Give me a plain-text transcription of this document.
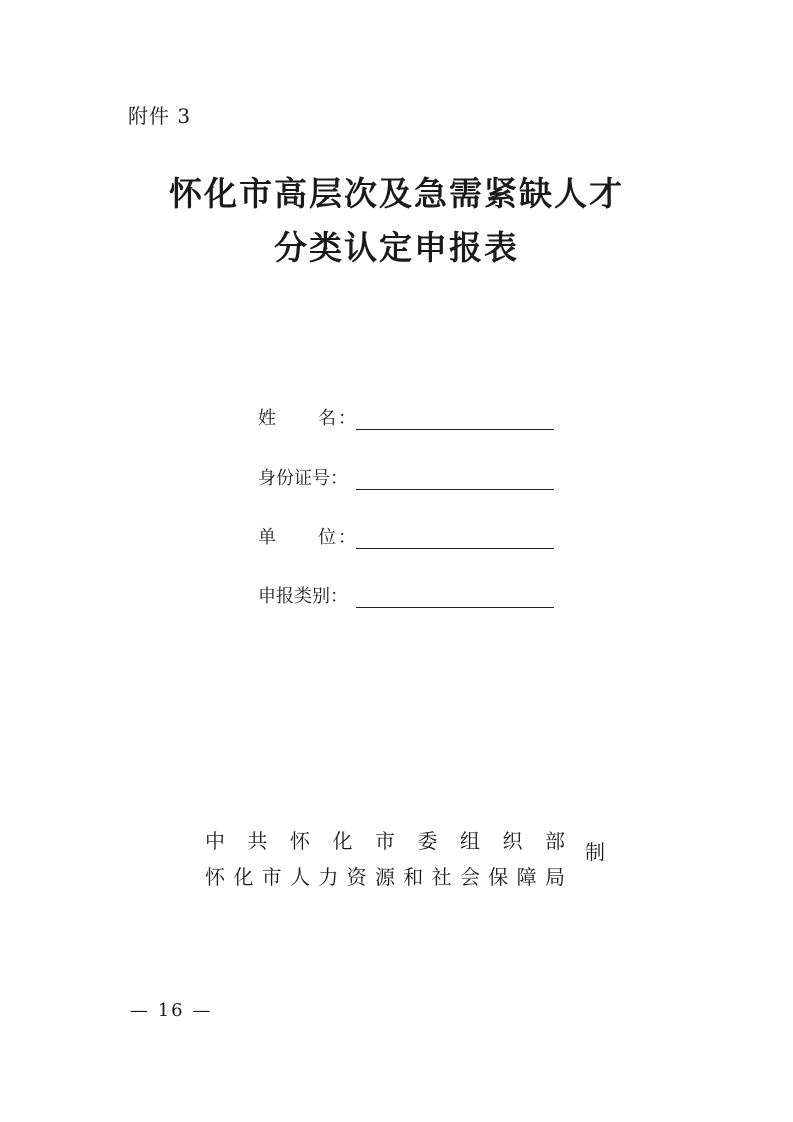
附件 3
怀化市高层次及急需紧缺人才
分类认定申报表
姓　　名：
身份证号：
单　　位：
申报类别：
中 共 怀 化 市 委 组 织 部
怀 化 市 人 力 资 源 和 社 会 保 障 局
制
— 16 —
